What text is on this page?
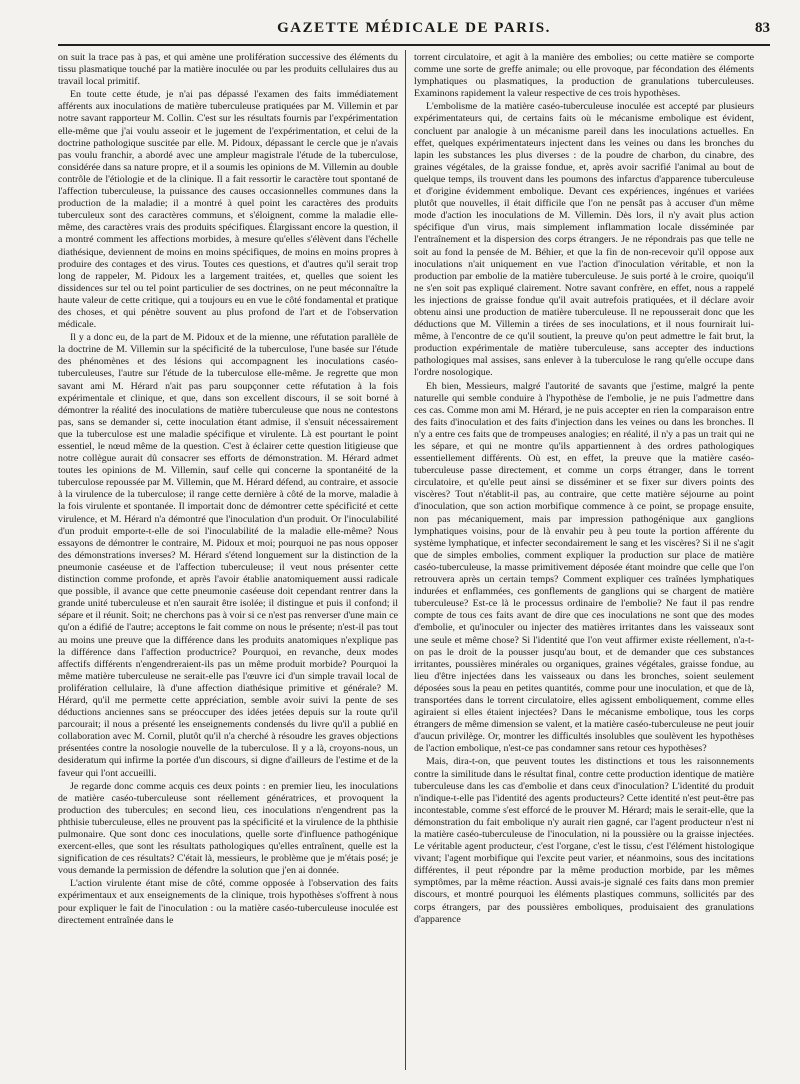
GAZETTE MÉDICALE DE PARIS.	83

on suit la trace pas à pas, et qui amène une prolifération successive des éléments du tissu plasmatique touché par la matière inoculée ou par les produits cellulaires dus au travail local primitif.

En toute cette étude, je n'ai pas dépassé l'examen des faits immédiatement afférents aux inoculations de matière tuberculeuse pratiquées par M. Villemin et par notre savant rapporteur M. Collin. C'est sur les résultats fournis par l'expérimentation elle-même que j'ai voulu asseoir et le jugement de l'expérimentation, et celui de la doctrine pathologique suscitée par elle. M. Pidoux, dépassant le cercle que je n'avais pas voulu franchir, a abordé avec une ampleur magistrale l'étude de la tuberculose, considérée dans sa nature propre, et il a soumis les opinions de M. Villemin au double contrôle de l'étiologie et de la clinique. Il a fait ressortir le caractère tout spontané de l'affection tuberculeuse, la puissance des causes occasionnelles communes dans la production de la maladie; il a montré à quel point les caractères des produits tuberculeux sont des caractères communs, et s'éloignent, comme la maladie elle-même, des caractères vrais des produits spécifiques. Élargissant encore la question, il a montré comment les affections morbides, à mesure qu'elles s'élèvent dans l'échelle diathésique, deviennent de moins en moins spécifiques, de moins en moins propres à produire des contages et des virus. Toutes ces questions, et d'autres qu'il serait trop long de rappeler, M. Pidoux les a largement traitées, et, quelles que soient les dissidences sur tel ou tel point particulier de ses doctrines, on ne peut méconnaître la haute valeur de cette critique, qui a toujours eu en vue le côté fondamental et pratique des choses, et qui pénètre souvent au plus profond de l'art et de l'observation médicale.

Il y a donc eu, de la part de M. Pidoux et de la mienne, une réfutation parallèle de la doctrine de M. Villemin sur la spécificité de la tuberculose, l'une basée sur l'étude des phénomènes et des lésions qui accompagnent les inoculations caséo-tuberculeuses, l'autre sur l'étude de la tuberculose elle-même. Je regrette que mon savant ami M. Hérard n'ait pas paru soupçonner cette réfutation à la fois expérimentale et clinique, et que, dans son excellent discours, il se soit borné à démontrer la réalité des inoculations de matière tuberculeuse que nous ne contestons pas, sans se demander si, cette inoculation étant admise, il s'ensuit nécessairement que la tuberculose est une maladie spécifique et virulente. Là est pourtant le point essentiel, le nœud même de la question. C'est à éclairer cette question litigieuse que notre collègue aurait dû consacrer ses efforts de démonstration. M. Hérard admet toutes les opinions de M. Villemin, sauf celle qui concerne la spontanéité de la tuberculose repoussée par M. Villemin, que M. Hérard défend, au contraire, et associe à la virulence de la tuberculose; il range cette dernière à côté de la morve, maladie à la fois virulente et spontanée. Il importait donc de démontrer cette spécificité et cette virulence, et M. Hérard n'a démontré que l'inoculation d'un produit. Or l'inoculabilité d'un produit emporte-t-elle de soi l'inoculabilité de la maladie elle-même? Nous essayons de démontrer le contraire, M. Pidoux et moi; pourquoi ne pas nous opposer des démonstrations inverses? M. Hérard s'étend longuement sur la distinction de la pneumonie caséeuse et de l'affection tuberculeuse; il veut nous présenter cette distinction comme profonde, et après l'avoir établie anatomiquement aussi radicale que possible, il avance que cette pneumonie caséeuse doit cependant rentrer dans la grande unité tuberculeuse et n'en saurait être isolée; il distingue et puis il confond; il sépare et il réunit. Soit; ne cherchons pas à voir si ce n'est pas renverser d'une main ce qu'on a édifié de l'autre; acceptons le fait comme on nous le présente; n'est-il pas tout au moins une preuve que la différence dans les produits anatomiques n'explique pas la différence dans l'affection productrice? Pourquoi, en revanche, deux modes affectifs différents n'engendreraient-ils pas un même produit morbide? Pourquoi la même matière tuberculeuse ne serait-elle pas l'œuvre ici d'un simple travail local de prolifération cellulaire, là d'une affection diathésique primitive et générale? M. Hérard, qu'il me permette cette appréciation, semble avoir suivi la pente de ses déductions anciennes sans se préoccuper des idées jetées depuis sur la route qu'il parcourait; il nous a présenté les enseignements condensés du livre qu'il a publié en collaboration avec M. Cornil, plutôt qu'il n'a cherché à résoudre les graves objections présentées contre la nosologie nouvelle de la tuberculose. Il y a là, croyons-nous, un desideratum qui infirme la portée d'un discours, si digne d'ailleurs de l'estime et de la faveur qui l'ont accueilli.

Je regarde donc comme acquis ces deux points : en premier lieu, les inoculations de matière caséo-tuberculeuse sont réellement génératrices, et provoquent la production des tubercules; en second lieu, ces inoculations n'engendrent pas la phthisie tuberculeuse, elles ne prouvent pas la spécificité et la virulence de la phthisie pulmonaire. Que sont donc ces inoculations, quelle sorte d'influence pathogénique exercent-elles, que sont les résultats pathologiques qu'elles entraînent, quelle est la signification de ces résultats? C'était là, messieurs, le problème que je m'étais posé; je vous demande la permission de défendre la solution que j'en ai donnée.

L'action virulente étant mise de côté, comme opposée à l'observation des faits expérimentaux et aux enseignements de la clinique, trois hypothèses s'offrent à nous pour expliquer le fait de l'inoculation : ou la matière caséo-tuberculeuse inoculée est directement entraînée dans le

torrent circulatoire, et agit à la manière des embolies; ou cette matière se comporte comme une sorte de greffe animale; ou elle provoque, par fécondation des éléments lymphatiques ou plasmatiques, la production de granulations tuberculeuses. Examinons rapidement la valeur respective de ces trois hypothèses.

L'embolisme de la matière caséo-tuberculeuse inoculée est accepté par plusieurs expérimentateurs qui, de certains faits où le mécanisme embolique est évident, concluent par analogie à un mécanisme pareil dans les inoculations actuelles. En effet, quelques expérimentateurs injectent dans les veines ou dans les bronches du lapin les substances les plus diverses : de la poudre de charbon, du cinabre, des graines végétales, de la graisse fondue, et, après avoir sacrifié l'animal au bout de quelque temps, ils trouvent dans les poumons des infarctus d'apparence tuberculeuse et d'origine évidemment embolique. Devant ces expériences, ingénues et variées plutôt que nouvelles, il était difficile que l'on ne pensât pas à accuser d'un même mode d'action les inoculations de M. Villemin. Dès lors, il n'y avait plus action spécifique d'un virus, mais simplement inflammation locale disséminée par l'entraînement et la dispersion des corps étrangers. Je ne répondrais pas que telle ne soit au fond la pensée de M. Béhier, et que la fin de non-recevoir qu'il oppose aux inoculations n'ait uniquement en vue l'action d'inoculation véritable, et non la production par embolie de la matière tuberculeuse. Je suis porté à le croire, quoiqu'il ne s'en soit pas expliqué clairement. Notre savant confrère, en effet, nous a rappelé les injections de graisse fondue qu'il avait autrefois pratiquées, et il déclare avoir obtenu ainsi une production de matière tuberculeuse. Il ne repousserait donc que les déductions que M. Villemin a tirées de ses inoculations, et il nous fournirait lui-même, à l'encontre de ce qu'il soutient, la preuve qu'on peut admettre le fait brut, la production expérimentale de matière tuberculeuse, sans accepter des inductions pathologiques mal assises, sans enlever à la tuberculose le rang qu'elle occupe dans l'ordre nosologique.

Eh bien, Messieurs, malgré l'autorité de savants que j'estime, malgré la pente naturelle qui semble conduire à l'hypothèse de l'embolie, je ne puis l'admettre dans ces cas. Comme mon ami M. Hérard, je ne puis accepter en rien la comparaison entre des faits d'inoculation et des faits d'injection dans les veines ou dans les bronches. Il n'y a entre ces faits que de trompeuses analogies; en réalité, il n'y a pas un trait qui ne les sépare, et qui ne montre qu'ils appartiennent à des ordres pathologiques essentiellement différents. Où est, en effet, la preuve que la matière caséo-tuberculeuse passe directement, et comme un corps étranger, dans le torrent circulatoire, et qu'elle peut ainsi se disséminer et se fixer sur divers points des viscères? Tout n'établit-il pas, au contraire, que cette matière séjourne au point d'inoculation, que son action morbifique commence à ce point, se propage ensuite, non pas mécaniquement, mais par impression pathogénique aux ganglions lymphatiques voisins, pour de là envahir peu à peu toute la portion afférente du système lymphatique, et infecter secondairement le sang et les viscères? Si il ne s'agit que de simples embolies, comment expliquer la production sur place de matière caséo-tuberculeuse, la masse primitivement déposée étant moindre que celle que l'on retrouvera après un certain temps? Comment expliquer ces traînées lymphatiques indurées et enflammées, ces gonflements de ganglions qui se chargent de matière tuberculeuse? Est-ce là le processus ordinaire de l'embolie? Ne faut il pas rendre compte de tous ces faits avant de dire que ces inoculations ne sont que des modes d'embolie, et qu'inoculer ou injecter des matières irritantes dans les vaisseaux sont une seule et même chose? Si l'identité que l'on veut affirmer existe réellement, n'a-t-on pas le droit de la pousser jusqu'au bout, et de demander que ces substances irritantes, poussières minérales ou organiques, graines végétales, graisse fondue, au lieu d'être injectées dans les vaisseaux ou dans les bronches, soient seulement déposées sous la peau en petites quantités, comme pour une inoculation, et que de là, transportées dans le torrent circulatoire, elles agissent emboliquement, comme elles agiraient si elles étaient injectées? Dans le mécanisme embolique, tous les corps étrangers de même dimension se valent, et la matière caséo-tuberculeuse ne peut jouir d'aucun privilège. Or, montrer les difficultés insolubles que soulèvent les hypothèses de l'action embolique, n'est-ce pas condamner sans retour ces hypothèses?

Mais, dira-t-on, que peuvent toutes les distinctions et tous les raisonnements contre la similitude dans le résultat final, contre cette production identique de matière tuberculeuse dans les cas d'embolie et dans ceux d'inoculation? L'identité du produit n'indique-t-elle pas l'identité des agents producteurs? Cette identité n'est peut-être pas incontestable, comme s'est efforcé de le prouver M. Hérard; mais le serait-elle, que la démonstration du fait embolique n'y aurait rien gagné, car l'agent producteur n'est ni la matière caséo-tuberculeuse de l'inoculation, ni la poussière ou la graisse injectées. Le véritable agent producteur, c'est l'organe, c'est le tissu, c'est l'élément histologique vivant; l'agent morbifique qui l'excite peut varier, et néanmoins, sous des incitations différentes, il peut répondre par la même production morbide, par les mêmes symptômes, par la même réaction. Aussi avais-je signalé ces faits dans mon premier discours, et montré pourquoi les éléments plastiques communs, sollicités par des corps étrangers, par des poussières emboliques, produisaient des granulations d'apparence
